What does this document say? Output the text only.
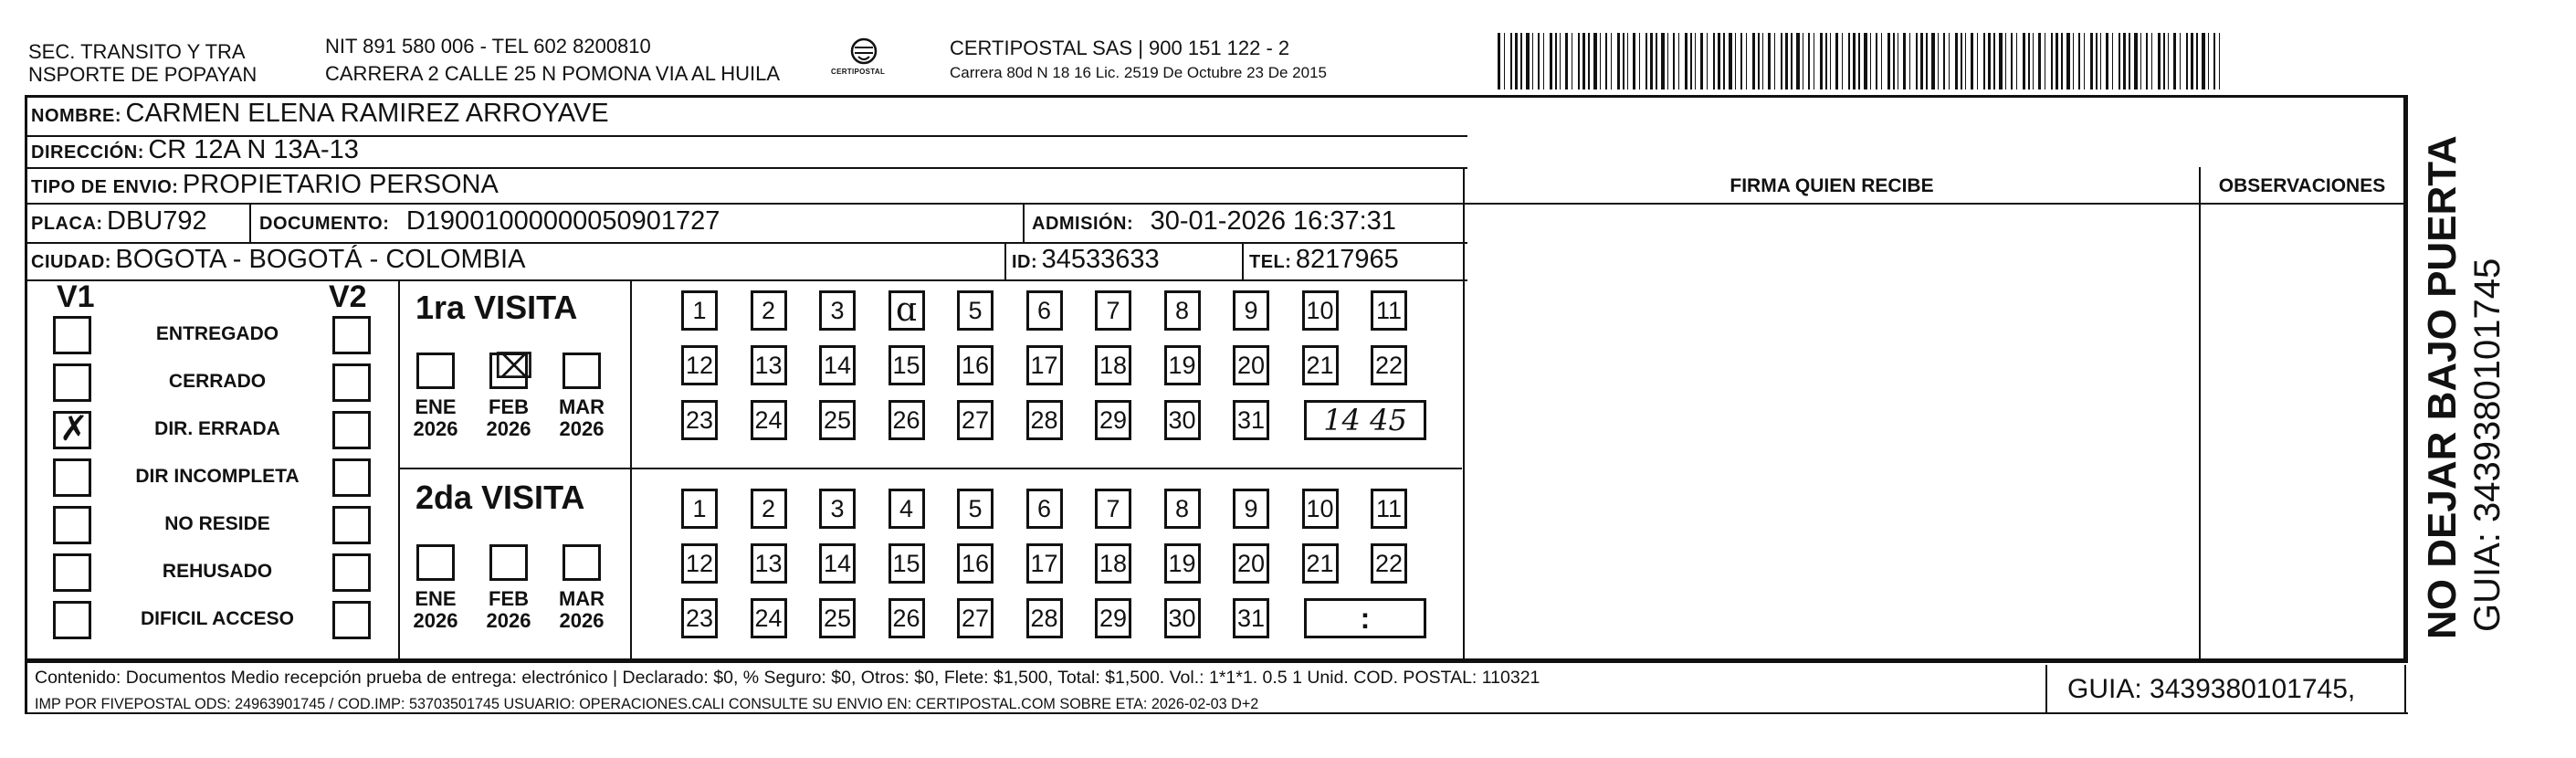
SEC. TRANSITO Y TRA
NSPORTE DE POPAYAN
NIT 891 580 006 - TEL 602 8200810
CARRERA 2 CALLE 25 N POMONA VIA AL HUILA	CERTIPOSTAL
CERTIPOSTAL SAS | 900 151 122 - 2
Carrera 80d N 18 16 Lic. 2519 De Octubre 23 De 2015
NOMBRE: CARMEN ELENA RAMIREZ ARROYAVE
DIRECCIÓN: CR 12A N 13A-13
TIPO DE ENVIO: PROPIETARIO PERSONA
PLACA: DBU792	DOCUMENTO: D19001000000050901727	ADMISIÓN: 30-01-2026 16:37:31
CIUDAD: BOGOTA - BOGOTÁ - COLOMBIA	ID: 34533633	TEL: 8217965
FIRMA QUIEN RECIBE	OBSERVACIONES
V1	V2
ENTREGADO
CERRADO
✗	DIR. ERRADA
DIR INCOMPLETA
NO RESIDE
REHUSADO
DIFICIL ACCESO
1ra VISITA
ENE
2026
⌧
FEB
2026
MAR
2026
1	2	3	ɑ	5	6	7	8	9	10 11
12 13 14 15 16 17 18 19 20 21 22
23 24 25 26 27 28 29 30 31	14 45
2da VISITA
ENE
2026
FEB
2026
MAR
2026
1	2	3	4	5	6	7	8	9	10 11
12 13 14 15 16 17 18 19 20 21 22
23 24 25 26 27 28 29 30 31	:
Contenido: Documentos Medio recepción prueba de entrega: electrónico | Declarado: $0, % Seguro: $0, Otros: $0, Flete: $1,500, Total: $1,500. Vol.: 1*1*1. 0.5 1 Unid. COD. POSTAL: 110321
IMP POR FIVEPOSTAL ODS: 24963901745 / COD.IMP: 53703501745 USUARIO: OPERACIONES.CALI CONSULTE SU ENVIO EN: CERTIPOSTAL.COM SOBRE ETA: 2026-02-03 D+2	GUIA: 3439380101745,
NO DEJAR BAJO PUERTA GUIA: 3439380101745
